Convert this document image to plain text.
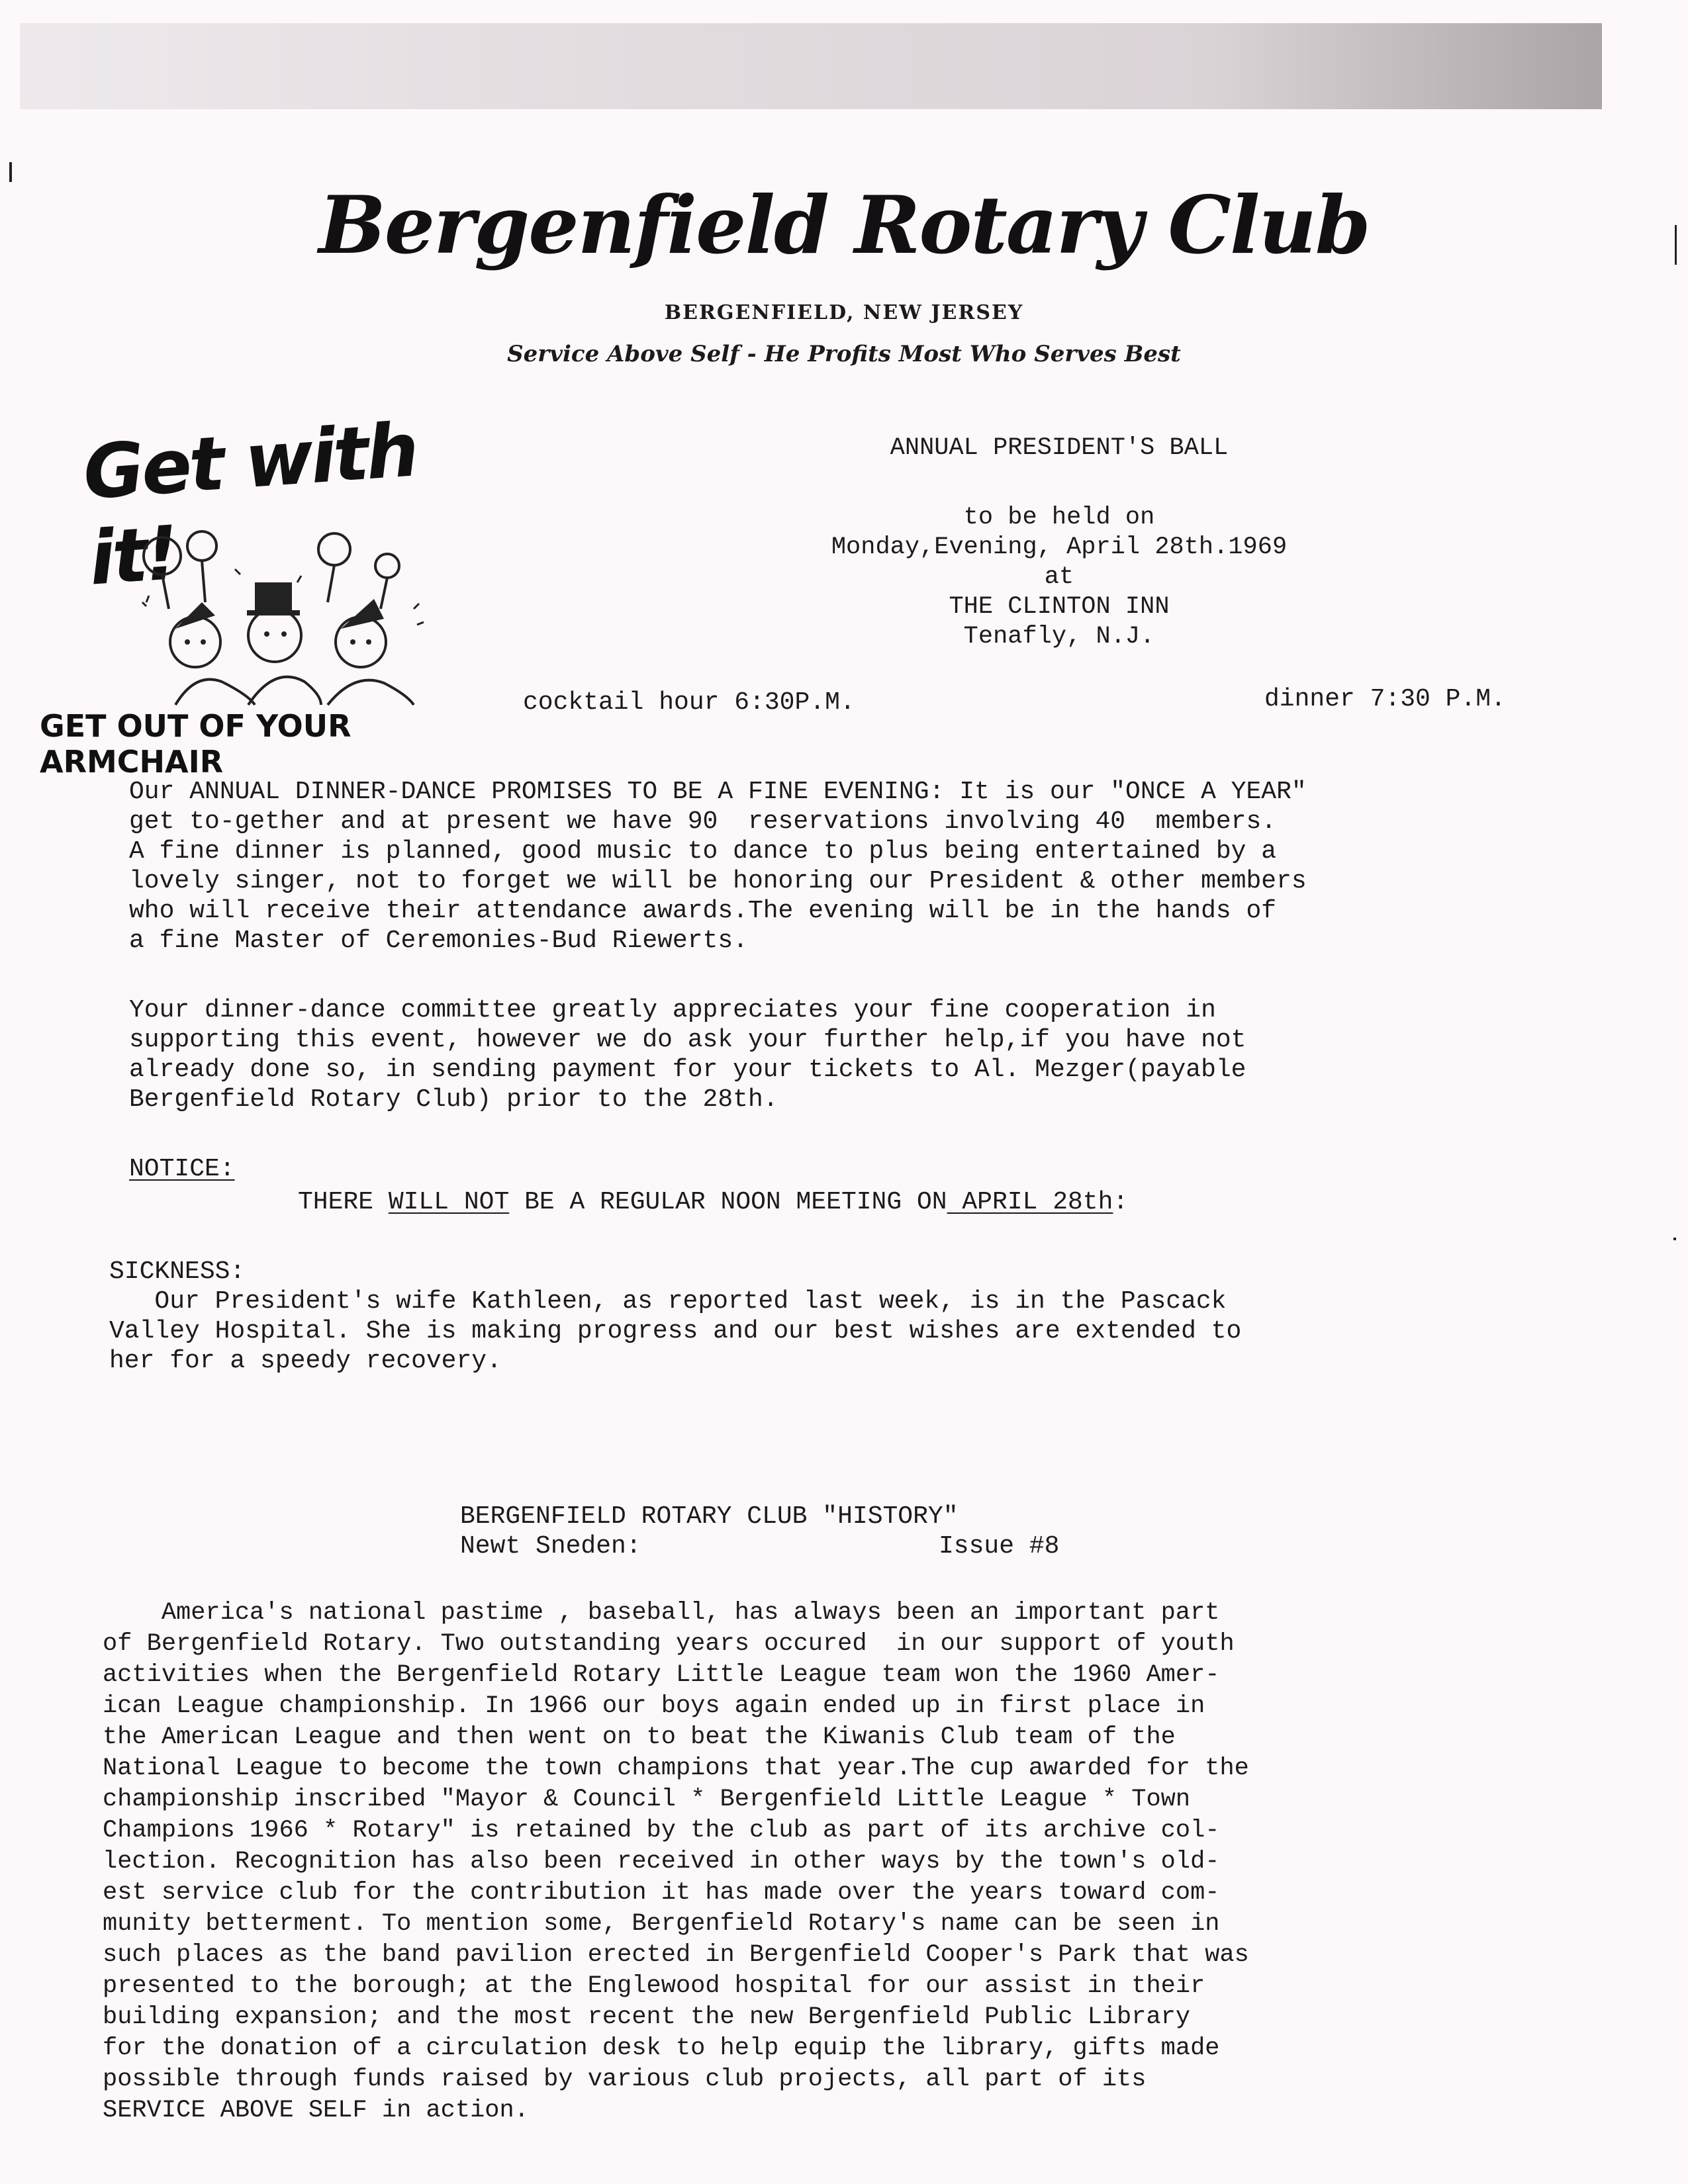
Bergenfield Rotary Club
BERGENFIELD, NEW JERSEY
Service Above Self - He Profits Most Who Serves Best
Get with it!
GET OUT OF YOUR ARMCHAIR
ANNUAL PRESIDENT'S BALL
to be held on
Monday,Evening, April 28th.1969
at
THE CLINTON INN
Tenafly, N.J.
cocktail hour 6:30P.M.	dinner 7:30 P.M.
Our ANNUAL DINNER-DANCE PROMISES TO BE A FINE EVENING: It is our "ONCE A YEAR"
get to-gether and at present we have 90  reservations involving 40  members.
A fine dinner is planned, good music to dance to plus being entertained by a
lovely singer, not to forget we will be honoring our President & other members
who will receive their attendance awards.The evening will be in the hands of
a fine Master of Ceremonies-Bud Riewerts.
Your dinner-dance committee greatly appreciates your fine cooperation in
supporting this event, however we do ask your further help,if you have not
already done so, in sending payment for your tickets to Al. Mezger(payable
Bergenfield Rotary Club) prior to the 28th.
NOTICE:
THERE WILL NOT BE A REGULAR NOON MEETING ON APRIL 28th:
SICKNESS:
Our President's wife Kathleen, as reported last week, is in the Pascack
Valley Hospital. She is making progress and our best wishes are extended to
her for a speedy recovery.
BERGENFIELD ROTARY CLUB "HISTORY"
Newt Sneden:	Issue #8
America's national pastime , baseball, has always been an important part
of Bergenfield Rotary. Two outstanding years occured  in our support of youth
activities when the Bergenfield Rotary Little League team won the 1960 Amer-
ican League championship. In 1966 our boys again ended up in first place in
the American League and then went on to beat the Kiwanis Club team of the
National League to become the town champions that year.The cup awarded for the
championship inscribed "Mayor & Council * Bergenfield Little League * Town
Champions 1966 * Rotary" is retained by the club as part of its archive col-
lection. Recognition has also been received in other ways by the town's old-
est service club for the contribution it has made over the years toward com-
munity betterment. To mention some, Bergenfield Rotary's name can be seen in
such places as the band pavilion erected in Bergenfield Cooper's Park that was
presented to the borough; at the Englewood hospital for our assist in their
building expansion; and the most recent the new Bergenfield Public Library
for the donation of a circulation desk to help equip the library, gifts made
possible through funds raised by various club projects, all part of its
SERVICE ABOVE SELF in action.
